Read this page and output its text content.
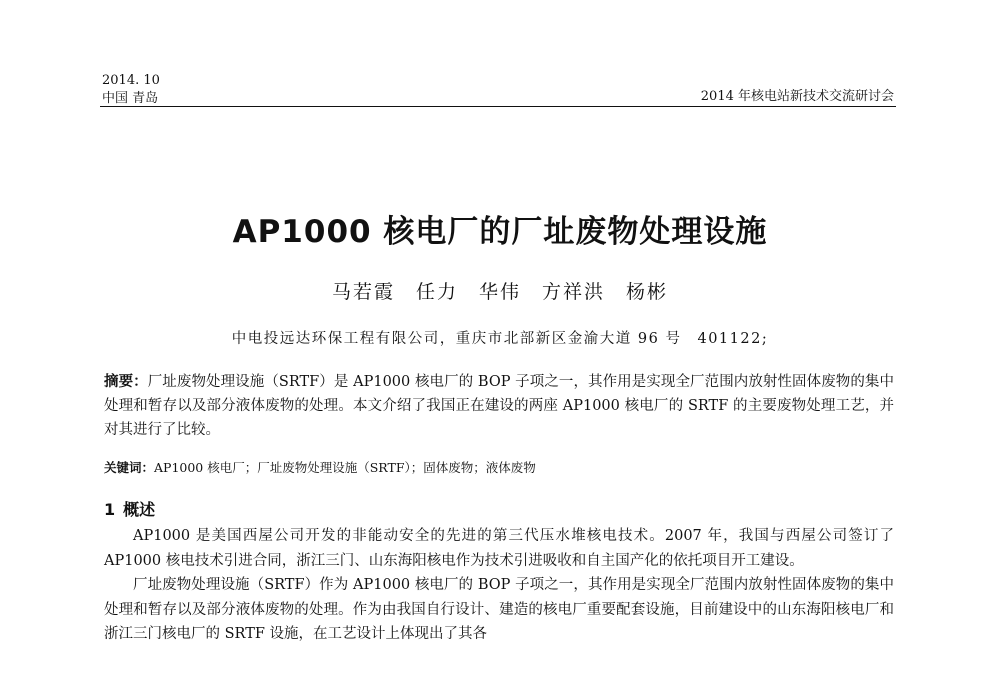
2014. 10
中国 青岛	2014 年核电站新技术交流研讨会
AP1000 核电厂的厂址废物处理设施
马若霞　任力　华伟　方祥洪　杨彬
中电投远达环保工程有限公司，重庆市北部新区金渝大道 96 号　401122;
摘要：厂址废物处理设施（SRTF）是 AP1000 核电厂的 BOP 子项之一，其作用是实现全厂范围内放射性固体废物的集中处理和暂存以及部分液体废物的处理。本文介绍了我国正在建设的两座 AP1000 核电厂的 SRTF 的主要废物处理工艺，并对其进行了比较。
关键词：AP1000 核电厂；厂址废物处理设施（SRTF）；固体废物；液体废物
1 概述

AP1000 是美国西屋公司开发的非能动安全的先进的第三代压水堆核电技术。2007 年，我国与西屋公司签订了 AP1000 核电技术引进合同，浙江三门、山东海阳核电作为技术引进吸收和自主国产化的依托项目开工建设。

厂址废物处理设施（SRTF）作为 AP1000 核电厂的 BOP 子项之一，其作用是实现全厂范围内放射性固体废物的集中处理和暂存以及部分液体废物的处理。作为由我国自行设计、建造的核电厂重要配套设施，目前建设中的山东海阳核电厂和浙江三门核电厂的 SRTF 设施，在工艺设计上体现出了其各
